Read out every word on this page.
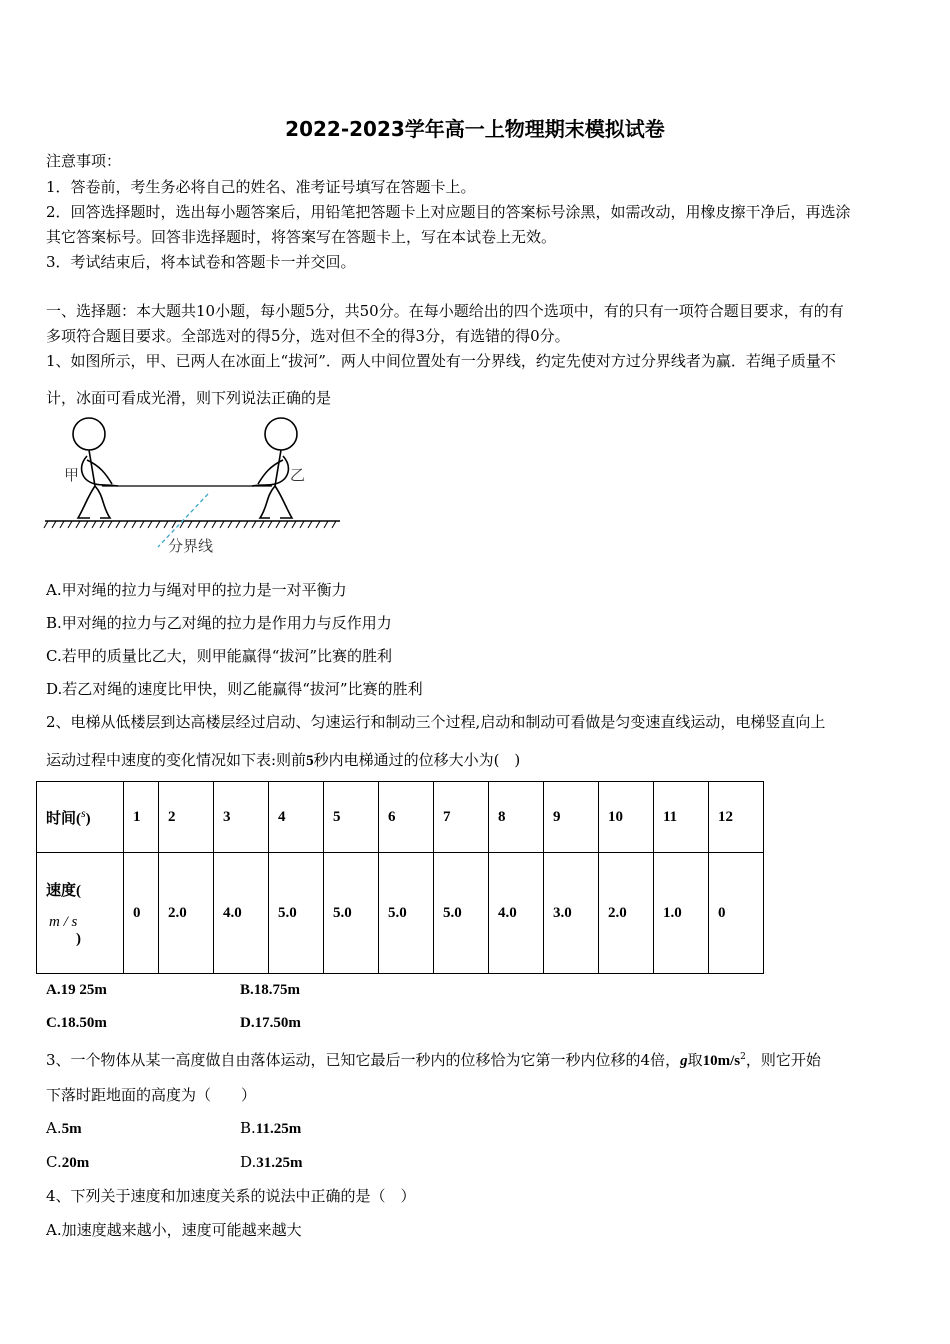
2022-2023学年高一上物理期末模拟试卷
注意事项：
1．答卷前，考生务必将自己的姓名、准考证号填写在答题卡上。
2．回答选择题时，选出每小题答案后，用铅笔把答题卡上对应题目的答案标号涂黑，如需改动，用橡皮擦干净后，再选涂
其它答案标号。回答非选择题时，将答案写在答题卡上，写在本试卷上无效。
3．考试结束后，将本试卷和答题卡一并交回。
一、选择题：本大题共10小题，每小题5分，共50分。在每小题给出的四个选项中，有的只有一项符合题目要求，有的有
多项符合题目要求。全部选对的得5分，选对但不全的得3分，有选错的得0分。
1、如图所示，甲、已两人在冰面上“拔河”．两人中间位置处有一分界线，约定先使对方过分界线者为赢．若绳子质量不
计，冰面可看成光滑，则下列说法正确的是
甲	乙
分界线
A.甲对绳的拉力与绳对甲的拉力是一对平衡力
B.甲对绳的拉力与乙对绳的拉力是作用力与反作用力
C.若甲的质量比乙大，则甲能赢得“拔河”比赛的胜利
D.若乙对绳的速度比甲快，则乙能赢得“拔河”比赛的胜利
2、电梯从低楼层到达高楼层经过启动、匀速运行和制动三个过程,启动和制动可看做是匀变速直线运动，电梯竖直向上
运动过程中速度的变化情况如下表:则前5秒内电梯通过的位移大小为(　)
时间($^s$)	1	2	3	4	5	6	7	8	9	10	11	12

速度(
m / s
)	0	2.0	4.0	5.0	5.0	5.0	5.0	4.0	3.0	2.0	1.0	0
A.19 25m	B.18.75m
C.18.50m	D.17.50m
3、一个物体从某一高度做自由落体运动，已知它最后一秒内的位移恰为它第一秒内位移的4倍，g取$10m/s^2$，则它开始
下落时距地面的高度为（　　）
A.5m	B.11.25m
C.20m	D.31.25m
4、下列关于速度和加速度关系的说法中正确的是（　）
A.加速度越来越小，速度可能越来越大
